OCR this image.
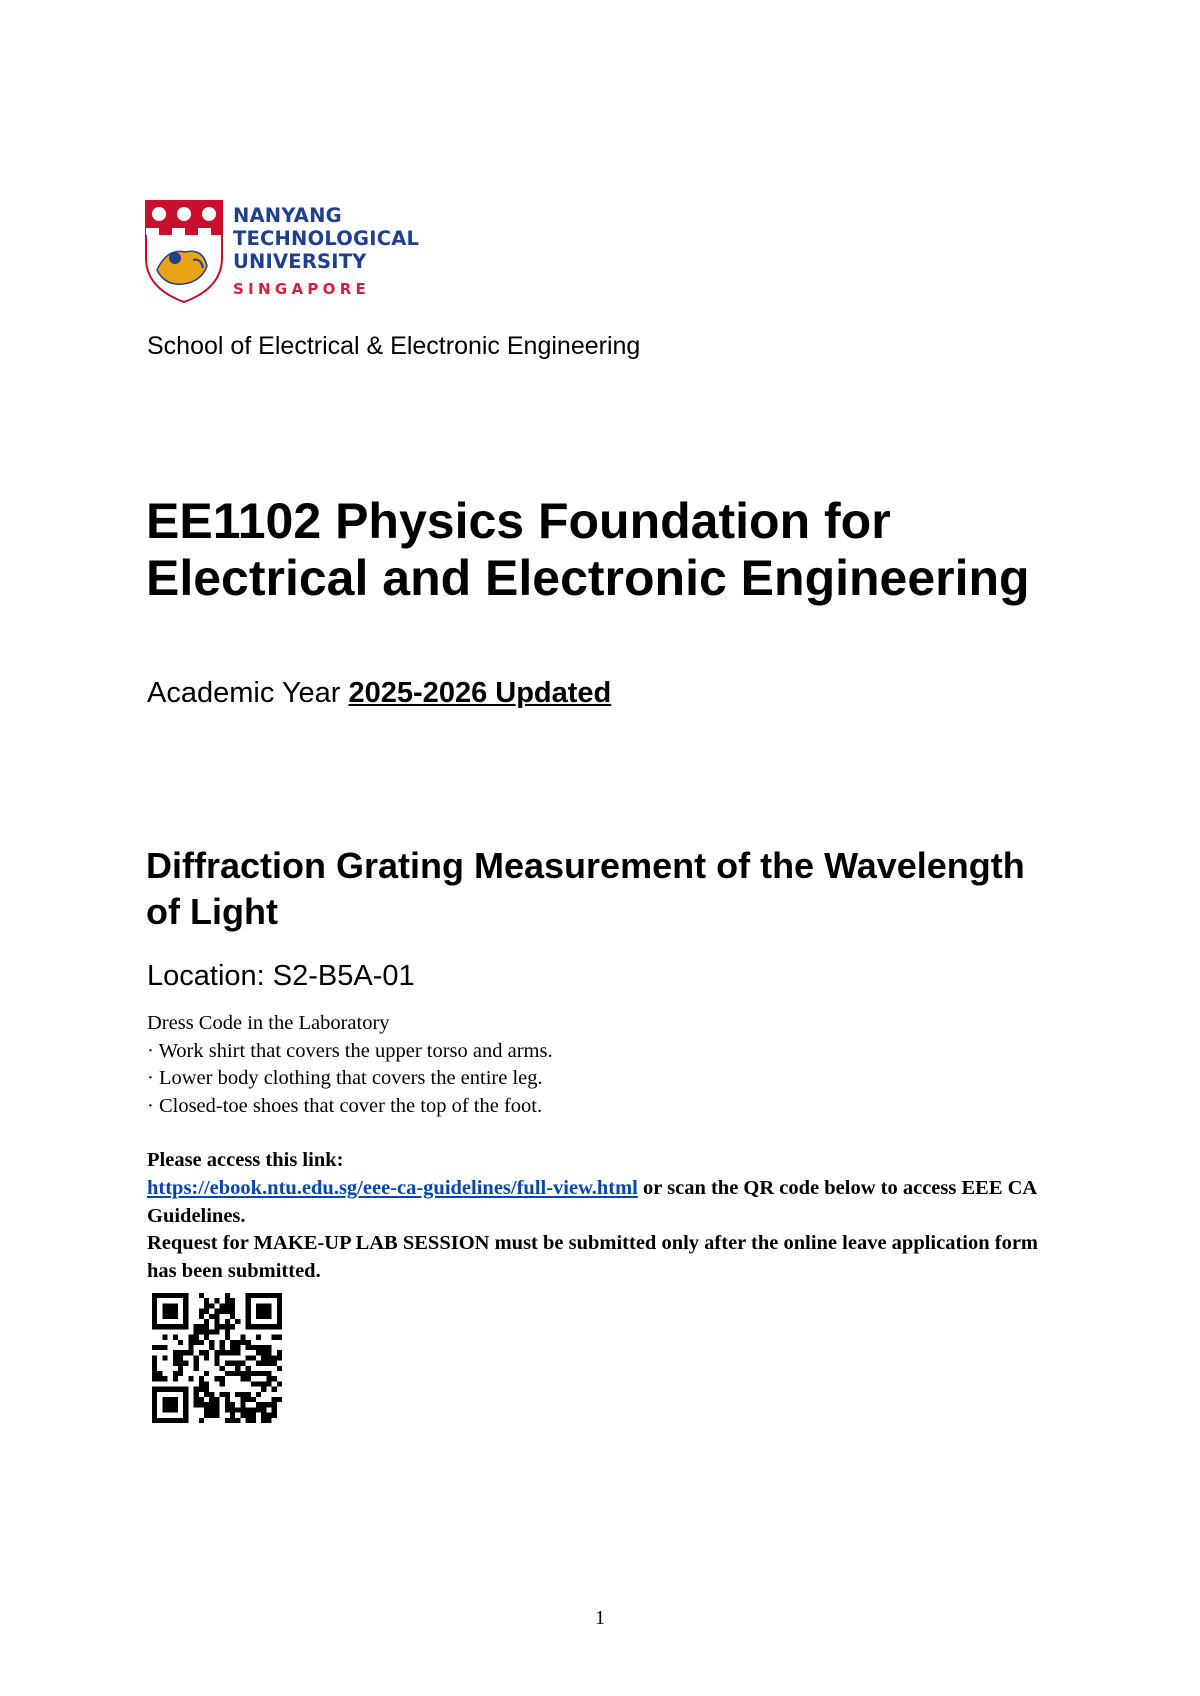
NANYANG
TECHNOLOGICAL
UNIVERSITY
SINGAPORE
School of Electrical & Electronic Engineering
EE1102 Physics Foundation for Electrical and Electronic Engineering
Academic Year 2025-2026 Updated
Diffraction Grating Measurement of the Wavelength of Light
Location: S2-B5A-01

Dress Code in the Laboratory

· Work shirt that covers the upper torso and arms.

· Lower body clothing that covers the entire leg.

· Closed-toe shoes that cover the top of the foot.

Please access this link:

https://ebook.ntu.edu.sg/eee-ca-guidelines/full-view.html or scan the QR code below to access EEE CA Guidelines.

Request for MAKE-UP LAB SESSION must be submitted only after the online leave application form has been submitted.

1
